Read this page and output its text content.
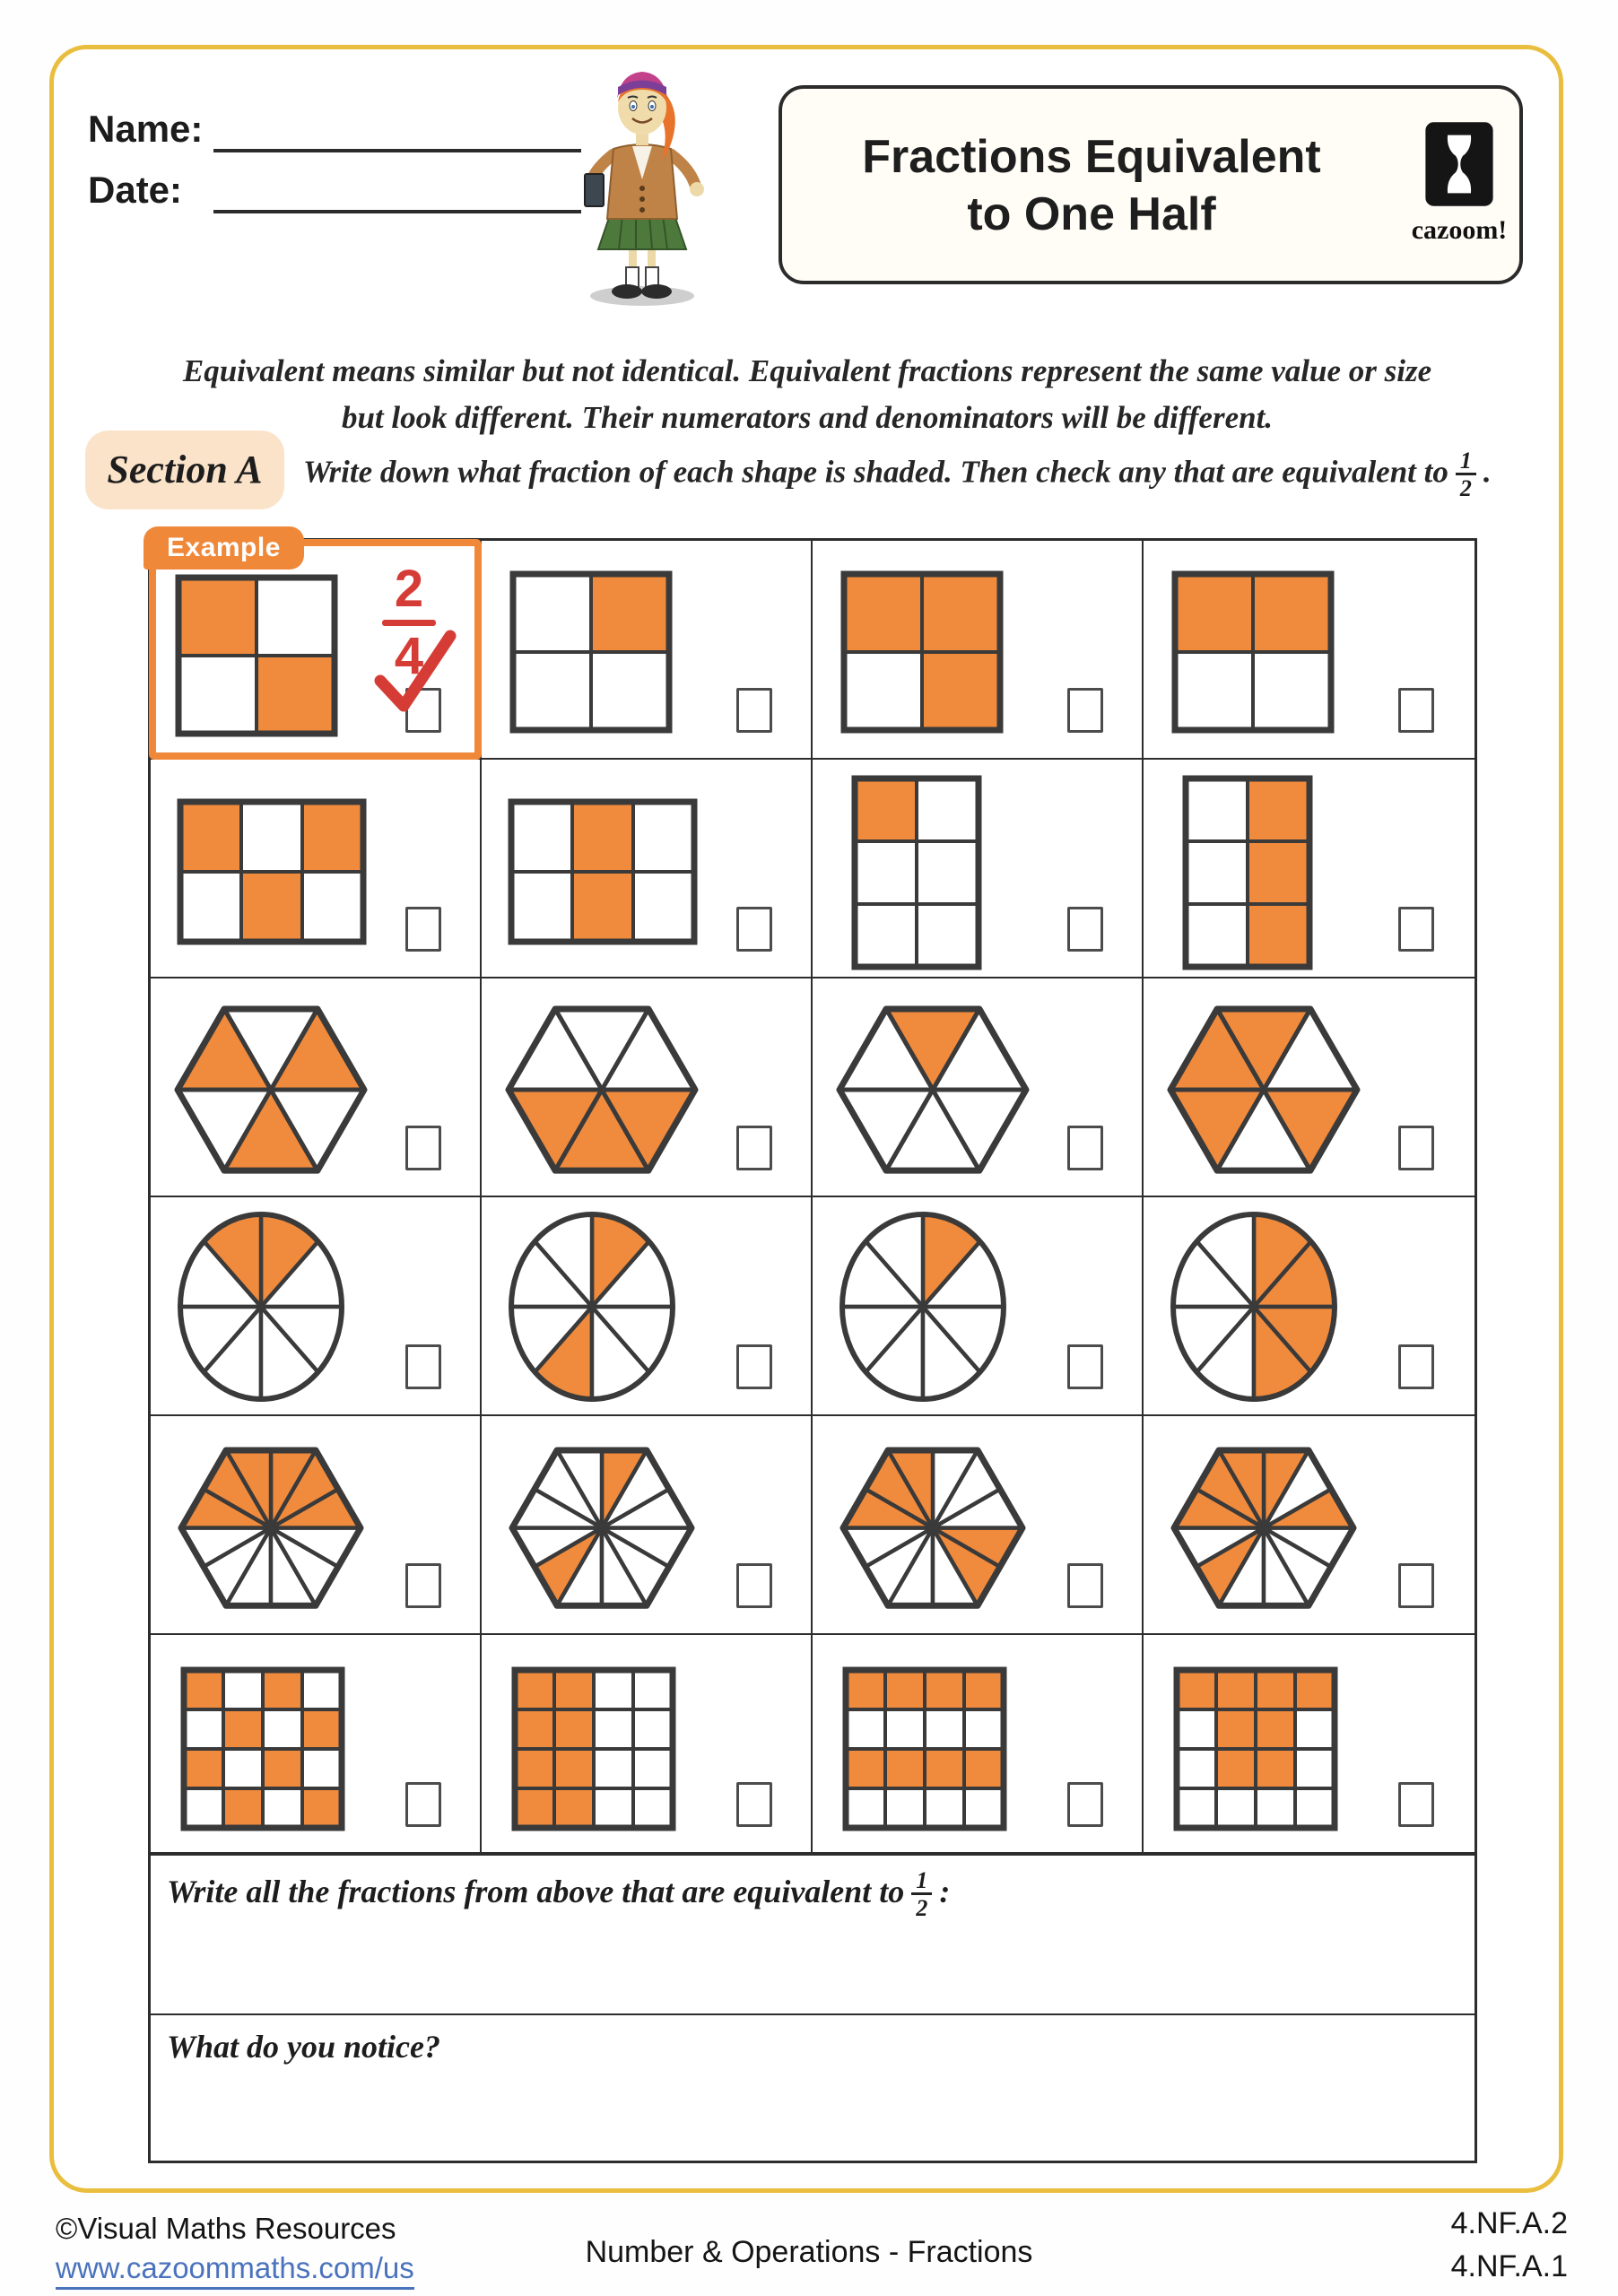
Name:
Date:
Fractions Equivalent
to One Half	cazoom!
Equivalent means similar but not identical. Equivalent fractions represent the same value or size
but look different. Their numerators and denominators will be different.
Section A	Write down what fraction of each shape is shaded. Then check any that are equivalent to $\frac{1}{2}$ .
Example
2
4
Write all the fractions from above that are equivalent to $\frac{1}{2}$ :
What do you notice?
©Visual Maths Resources
www.cazoommaths.com/us	Number & Operations - Fractions
4.NF.A.2
4.NF.A.1
